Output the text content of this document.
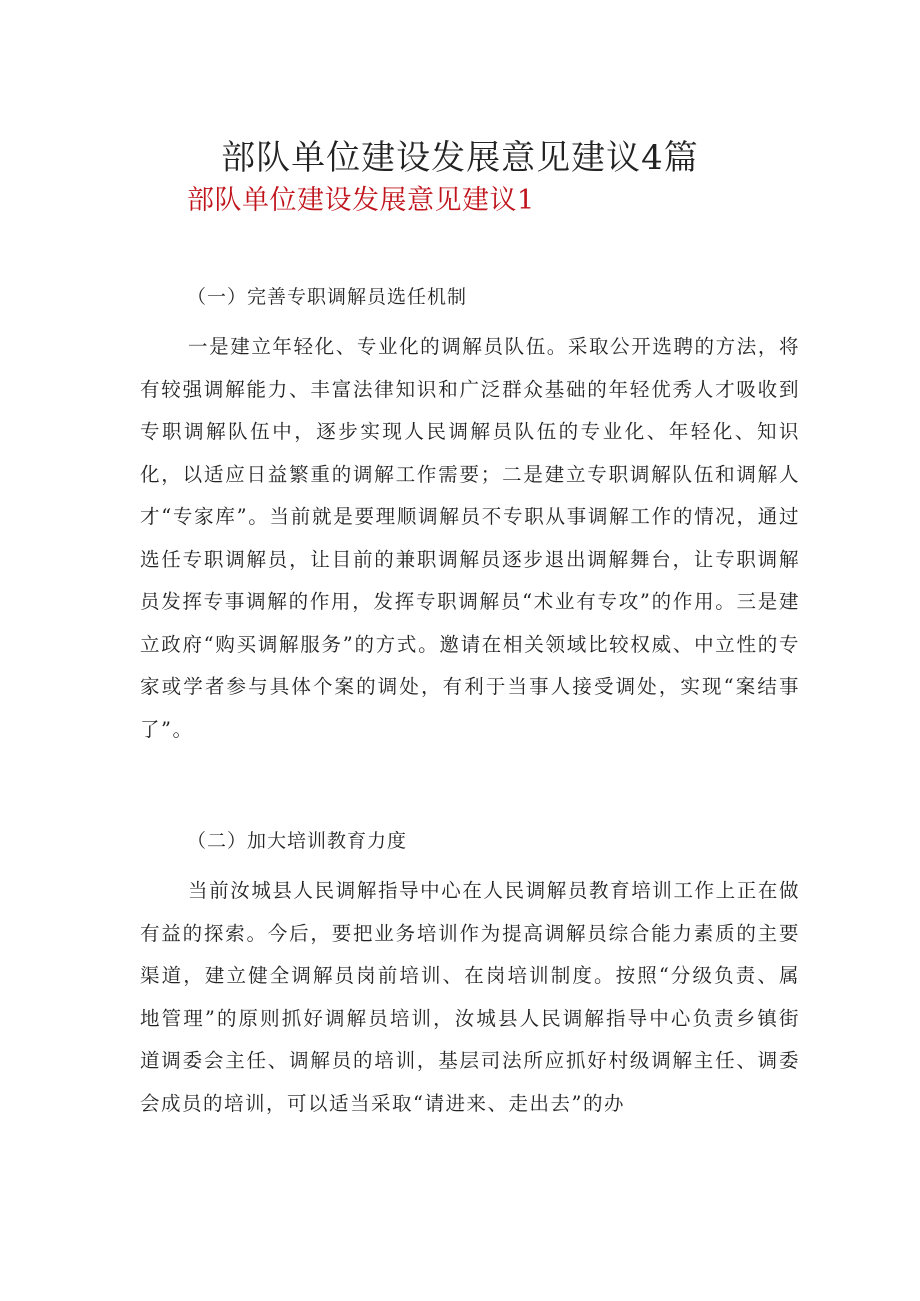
部队单位建设发展意见建议4篇
部队单位建设发展意见建议1

（一）完善专职调解员选任机制

一是建立年轻化、专业化的调解员队伍。采取公开选聘的方法，将有较强调解能力、丰富法律知识和广泛群众基础的年轻优秀人才吸收到专职调解队伍中，逐步实现人民调解员队伍的专业化、年轻化、知识化，以适应日益繁重的调解工作需要；二是建立专职调解队伍和调解人才“专家库”。当前就是要理顺调解员不专职从事调解工作的情况，通过选任专职调解员，让目前的兼职调解员逐步退出调解舞台，让专职调解员发挥专事调解的作用，发挥专职调解员“术业有专攻”的作用。三是建立政府“购买调解服务”的方式。邀请在相关领域比较权威、中立性的专家或学者参与具体个案的调处，有利于当事人接受调处，实现“案结事了”。

（二）加大培训教育力度

当前汝城县人民调解指导中心在人民调解员教育培训工作上正在做有益的探索。今后，要把业务培训作为提高调解员综合能力素质的主要渠道，建立健全调解员岗前培训、在岗培训制度。按照“分级负责、属地管理”的原则抓好调解员培训，汝城县人民调解指导中心负责乡镇街道调委会主任、调解员的培训，基层司法所应抓好村级调解主任、调委会成员的培训，可以适当采取“请进来、走出去”的办
